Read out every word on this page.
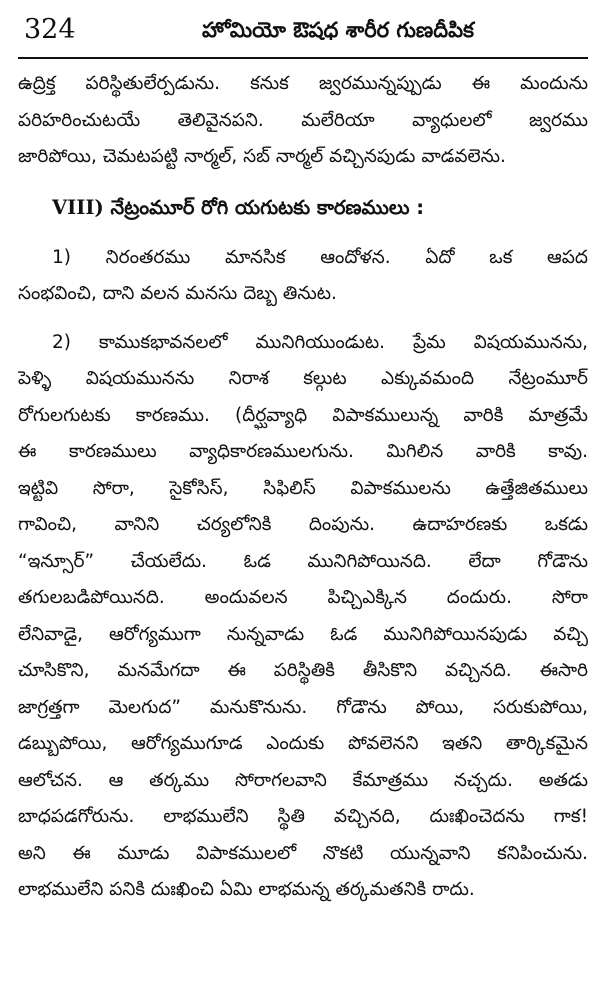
324	హోమియో ఔషధ శారీర గుణదీపిక
ఉద్రిక్త పరిస్థితులేర్పడును. కనుక జ్వరమున్నప్పుడు ఈ మందును
పరిహరించుటయే తెలివైనపని. మలేరియా వ్యాధులలో జ్వరము
జారిపోయి, చెమటపట్టి నార్మల్, సబ్ నార్మల్ వచ్చినపుడు వాడవలెను.
VIII) నేట్రంమూర్ రోగి యగుటకు కారణములు :
1) నిరంతరము మానసిక ఆందోళన. ఏదో ఒక ఆపద
సంభవించి, దాని వలన మనసు దెబ్బ తినుట.
2) కాముకభావనలలో మునిగియుండుట. ప్రేమ విషయమునను,
పెళ్ళి విషయమునను నిరాశ కల్గుట ఎక్కువమంది నేట్రంమూర్
రోగులగుటకు కారణము. (దీర్ఘవ్యాధి విపాకములున్న వారికి మాత్రమే
ఈ కారణములు వ్యాధికారణములగును. మిగిలిన వారికి కావు.
ఇట్టివి సోరా, సైకోసిస్, సిఫిలిస్ విపాకములను ఉత్తేజితములు
గావించి, వానిని చర్యలోనికి దింపును. ఉదాహరణకు ఒకడు
“ఇన్సూర్” చేయలేదు. ఓడ మునిగిపోయినది. లేదా గోడౌను
తగులబడిపోయినది. అందువలన పిచ్చిఎక్కిన దందురు. సోరా
లేనివాడై, ఆరోగ్యముగా నున్నవాడు ఓడ మునిగిపోయినపుడు వచ్చి
చూసికొని, మనమేగదా ఈ పరిస్థితికి తీసికొని వచ్చినది. ఈసారి
జాగ్రత్తగా మెలగుద” మనుకొనును. గోడౌను పోయి, సరుకుపోయి,
డబ్బుపోయి, ఆరోగ్యముగూడ ఎందుకు పోవలెనని ఇతని తార్కికమైన
ఆలోచన. ఆ తర్కము సోరాగలవాని కేమాత్రము నచ్చదు. అతడు
బాధపడగోరును. లాభములేని స్థితి వచ్చినది, దుఃఖించెదను గాక!
అని ఈ మూడు విపాకములలో నొకటి యున్నవాని కనిపించును.
లాభములేని పనికి దుఃఖించి ఏమి లాభమన్న తర్కమతనికి రాదు.
